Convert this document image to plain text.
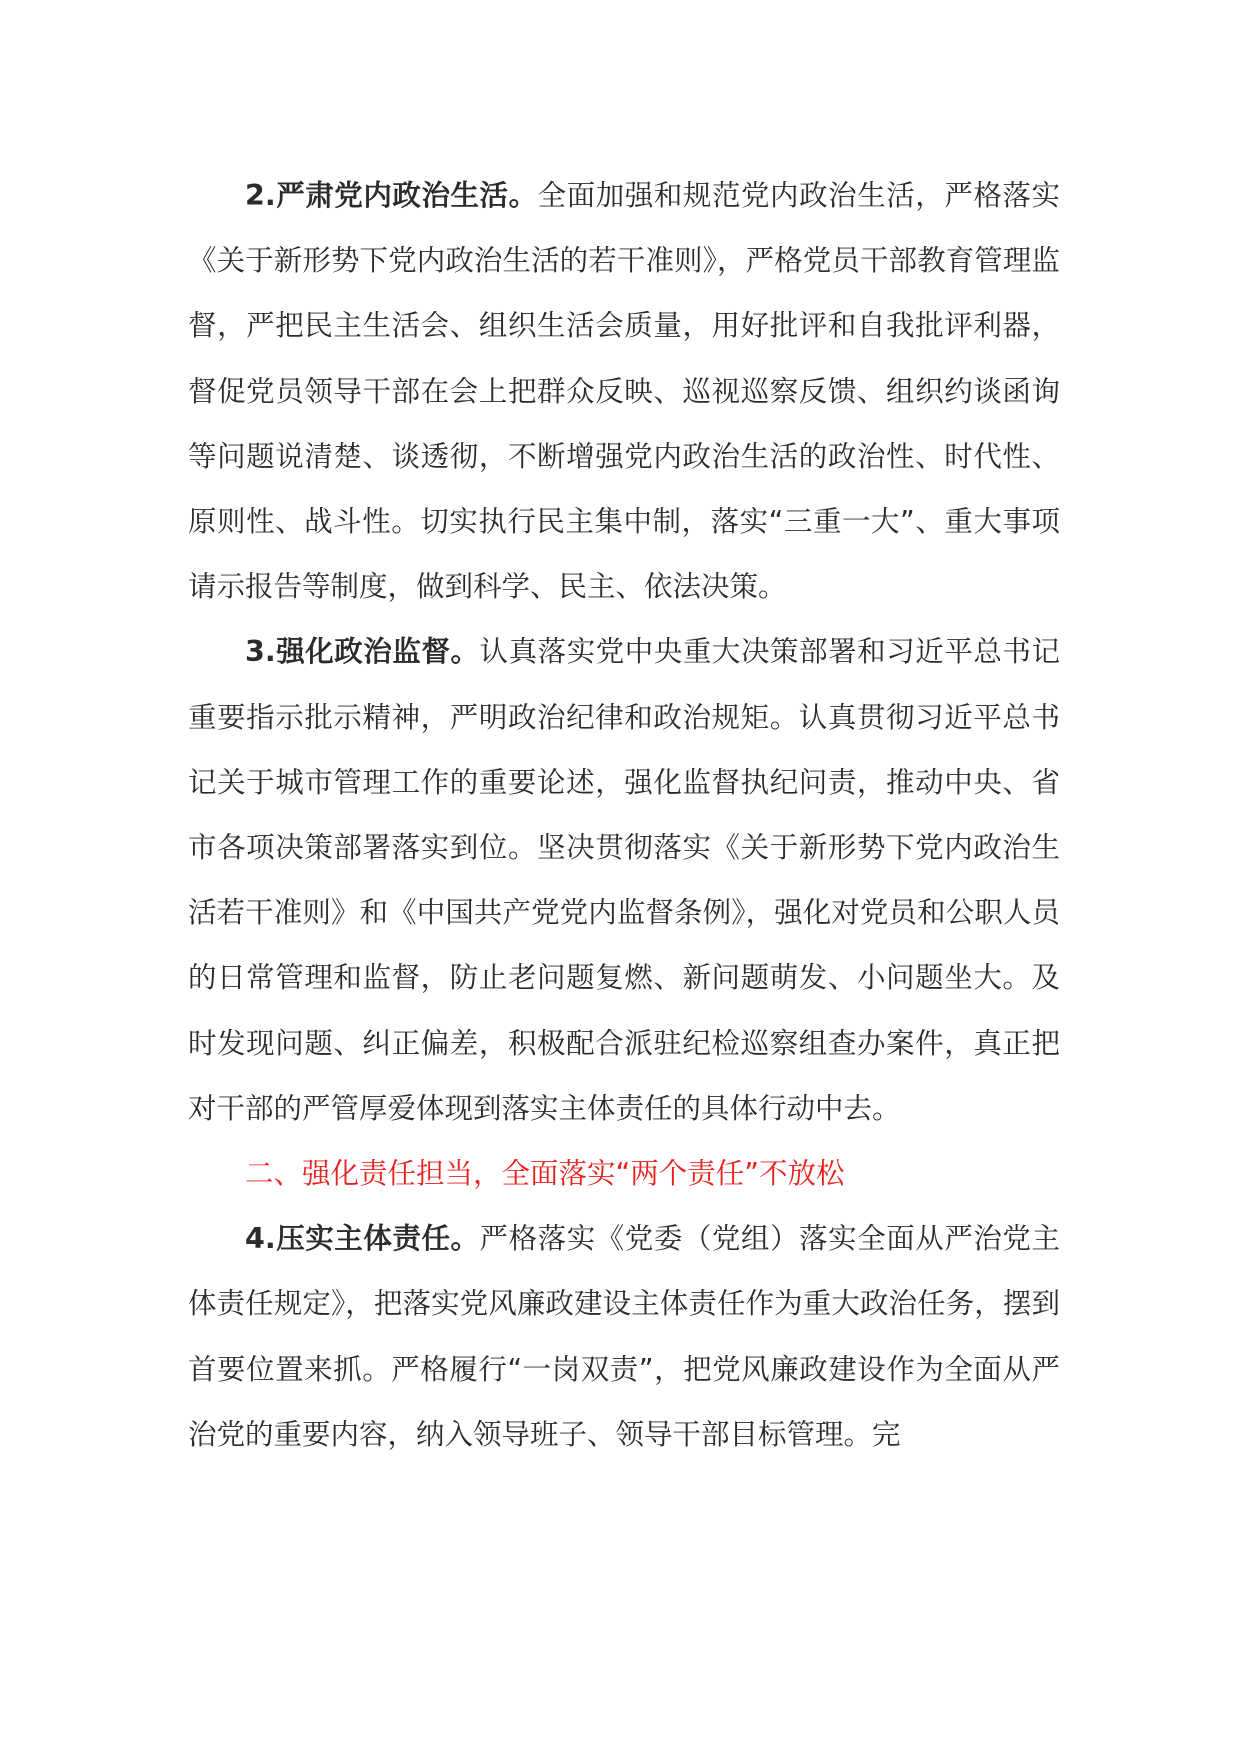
2.严肃党内政治生活。全面加强和规范党内政治生活，严格落实《关于新形势下党内政治生活的若干准则》，严格党员干部教育管理监督，严把民主生活会、组织生活会质量，用好批评和自我批评利器，督促党员领导干部在会上把群众反映、巡视巡察反馈、组织约谈函询等问题说清楚、谈透彻，不断增强党内政治生活的政治性、时代性、原则性、战斗性。切实执行民主集中制，落实“三重一大”、重大事项请示报告等制度，做到科学、民主、依法决策。

3.强化政治监督。认真落实党中央重大决策部署和习近平总书记重要指示批示精神，严明政治纪律和政治规矩。认真贯彻习近平总书记关于城市管理工作的重要论述，强化监督执纪问责，推动中央、省市各项决策部署落实到位。坚决贯彻落实《关于新形势下党内政治生活若干准则》和《中国共产党党内监督条例》，强化对党员和公职人员的日常管理和监督，防止老问题复燃、新问题萌发、小问题坐大。及时发现问题、纠正偏差，积极配合派驻纪检巡察组查办案件，真正把对干部的严管厚爱体现到落实主体责任的具体行动中去。

二、强化责任担当，全面落实“两个责任”不放松

4.压实主体责任。严格落实《党委（党组）落实全面从严治党主体责任规定》，把落实党风廉政建设主体责任作为重大政治任务，摆到首要位置来抓。严格履行“一岗双责”，把党风廉政建设作为全面从严治党的重要内容，纳入领导班子、领导干部目标管理。完
